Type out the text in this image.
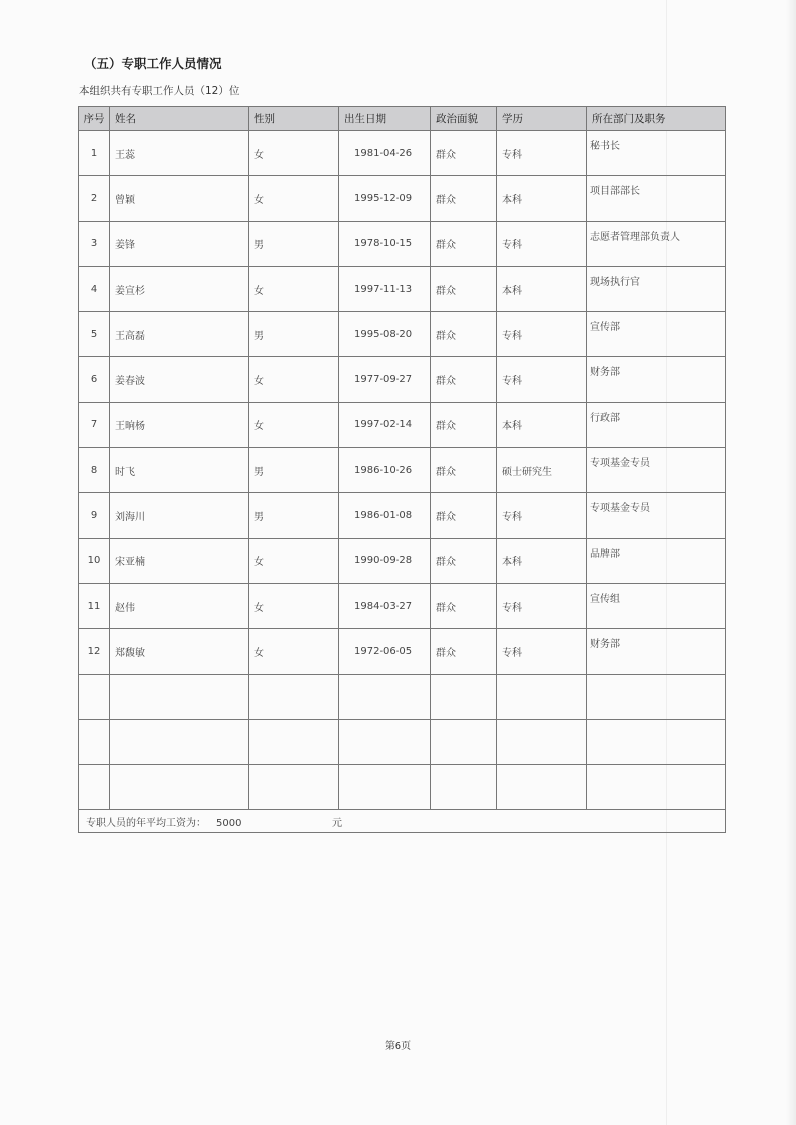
（五）专职工作人员情况
本组织共有专职工作人员（12）位
序号	姓名	性别	出生日期	政治面貌	学历	所在部门及职务
1	王蕊	女	1981-04-26	群众	专科	秘书长
2	曾颖	女	1995-12-09	群众	本科	项目部部长
3	姜锋	男	1978-10-15	群众	专科	志愿者管理部负责人
4	姜宣杉	女	1997-11-13	群众	本科	现场执行官
5	王高磊	男	1995-08-20	群众	专科	宣传部
6	姜春波	女	1977-09-27	群众	专科	财务部
7	王晌杨	女	1997-02-14	群众	本科	行政部
8	时飞	男	1986-10-26	群众	硕士研究生	专项基金专员
9	刘海川	男	1986-01-08	群众	专科	专项基金专员
10	宋亚楠	女	1990-09-28	群众	本科	品牌部
11	赵伟	女	1984-03-27	群众	专科	宣传组
12	郑馥敏	女	1972-06-05	群众	专科	财务部

专职人员的年平均工资为： 5000 元						
第6页
